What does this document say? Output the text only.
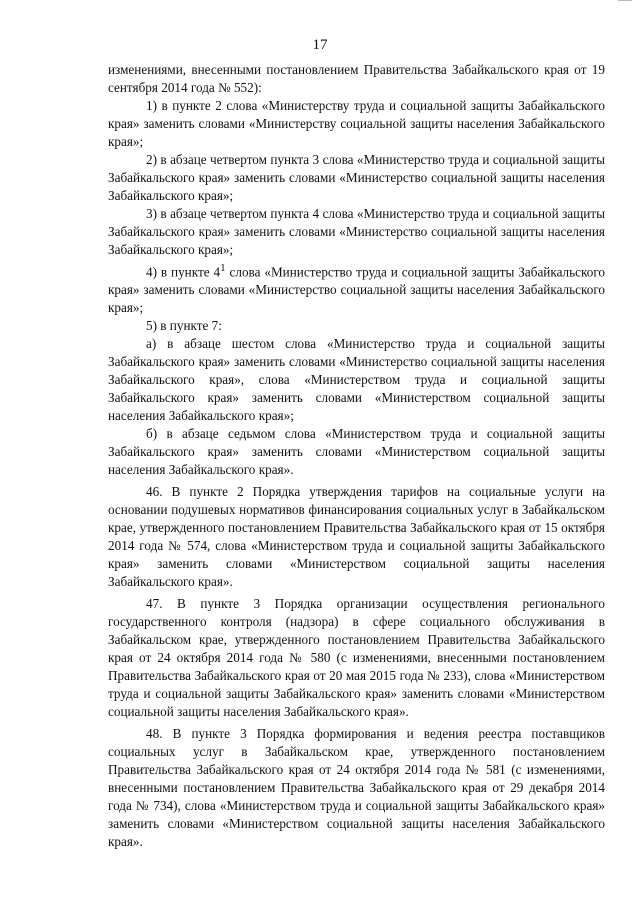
17

изменениями, внесенными постановлением Правительства Забайкальского края от 19 сентября 2014 года № 552):

1) в пункте 2 слова «Министерству труда и социальной защиты Забайкальского края» заменить словами «Министерству социальной защиты населения Забайкальского края»;

2) в абзаце четвертом пункта 3 слова «Министерство труда и социальной защиты Забайкальского края» заменить словами «Министерство социальной защиты населения Забайкальского края»;

3) в абзаце четвертом пункта 4 слова «Министерство труда и социальной защиты Забайкальского края» заменить словами «Министерство социальной защиты населения Забайкальского края»;

4) в пункте $4^1$ слова «Министерство труда и социальной защиты Забайкальского края» заменить словами «Министерство социальной защиты населения Забайкальского края»;

5) в пункте 7:

а) в абзаце шестом слова «Министерство труда и социальной защиты Забайкальского края» заменить словами «Министерство социальной защиты населения Забайкальского края», слова «Министерством труда и социальной защиты Забайкальского края» заменить словами «Министерством социальной защиты населения Забайкальского края»;

б) в абзаце седьмом слова «Министерством труда и социальной защиты Забайкальского края» заменить словами «Министерством социальной защиты населения Забайкальского края».

46. В пункте 2 Порядка утверждения тарифов на социальные услуги на основании подушевых нормативов финансирования социальных услуг в Забайкальском крае, утвержденного постановлением Правительства Забайкальского края от 15 октября 2014 года № 574, слова «Министерством труда и социальной защиты Забайкальского края» заменить словами «Министерством социальной защиты населения Забайкальского края».

47. В пункте 3 Порядка организации осуществления регионального государственного контроля (надзора) в сфере социального обслуживания в Забайкальском крае, утвержденного постановлением Правительства Забайкальского края от 24 октября 2014 года № 580 (с изменениями, внесенными постановлением Правительства Забайкальского края от 20 мая 2015 года № 233), слова «Министерством труда и социальной защиты Забайкальского края» заменить словами «Министерством социальной защиты населения Забайкальского края».

48. В пункте 3 Порядка формирования и ведения реестра поставщиков социальных услуг в Забайкальском крае, утвержденного постановлением Правительства Забайкальского края от 24 октября 2014 года № 581 (с изменениями, внесенными постановлением Правительства Забайкальского края от 29 декабря 2014 года № 734), слова «Министерством труда и социальной защиты Забайкальского края» заменить словами «Министерством социальной защиты населения Забайкальского края».
